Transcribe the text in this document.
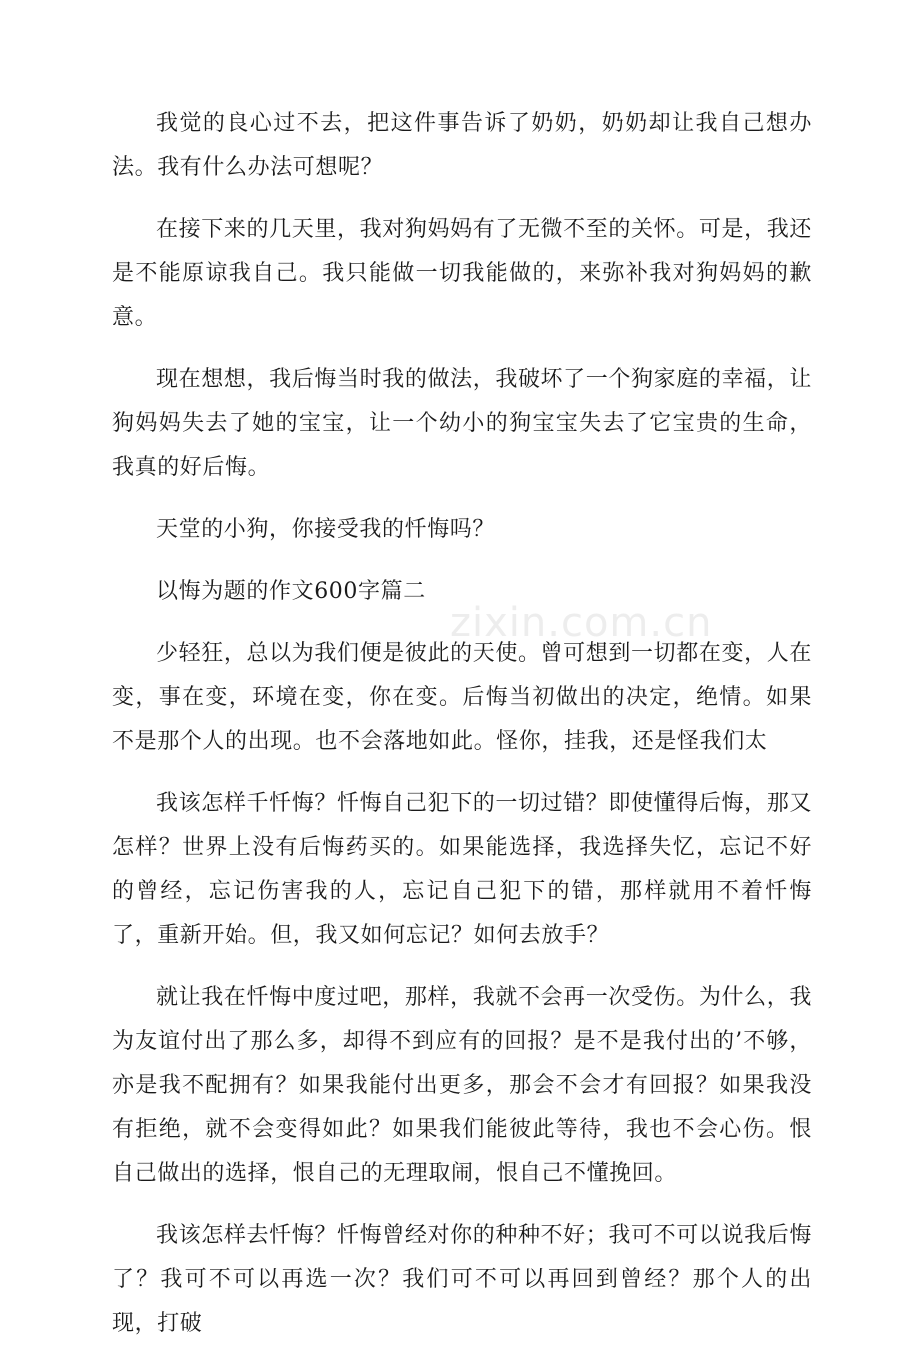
我觉的良心过不去，把这件事告诉了奶奶，奶奶却让我自己想办法。我有什么办法可想呢？

在接下来的几天里，我对狗妈妈有了无微不至的关怀。可是，我还是不能原谅我自己。我只能做一切我能做的，来弥补我对狗妈妈的歉意。

现在想想，我后悔当时我的做法，我破坏了一个狗家庭的幸福，让狗妈妈失去了她的宝宝，让一个幼小的狗宝宝失去了它宝贵的生命，我真的好后悔。

天堂的小狗，你接受我的忏悔吗？

以悔为题的作文600字篇二

少轻狂，总以为我们便是彼此的天使。曾可想到一切都在变，人在变，事在变，环境在变，你在变。后悔当初做出的决定，绝情。如果不是那个人的出现。也不会落地如此。怪你，挂我，还是怪我们太

我该怎样千忏悔？忏悔自己犯下的一切过错？即使懂得后悔，那又怎样？世界上没有后悔药买的。如果能选择，我选择失忆，忘记不好的曾经，忘记伤害我的人，忘记自己犯下的错，那样就用不着忏悔了，重新开始。但，我又如何忘记？如何去放手？

就让我在忏悔中度过吧，那样，我就不会再一次受伤。为什么，我为友谊付出了那么多，却得不到应有的回报？是不是我付出的’不够，亦是我不配拥有？如果我能付出更多，那会不会才有回报？如果我没有拒绝，就不会变得如此？如果我们能彼此等待，我也不会心伤。恨自己做出的选择，恨自己的无理取闹，恨自己不懂挽回。

我该怎样去忏悔？忏悔曾经对你的种种不好；我可不可以说我后悔了？我可不可以再选一次？我们可不可以再回到曾经？那个人的出现，打破

zixin.com.cn
